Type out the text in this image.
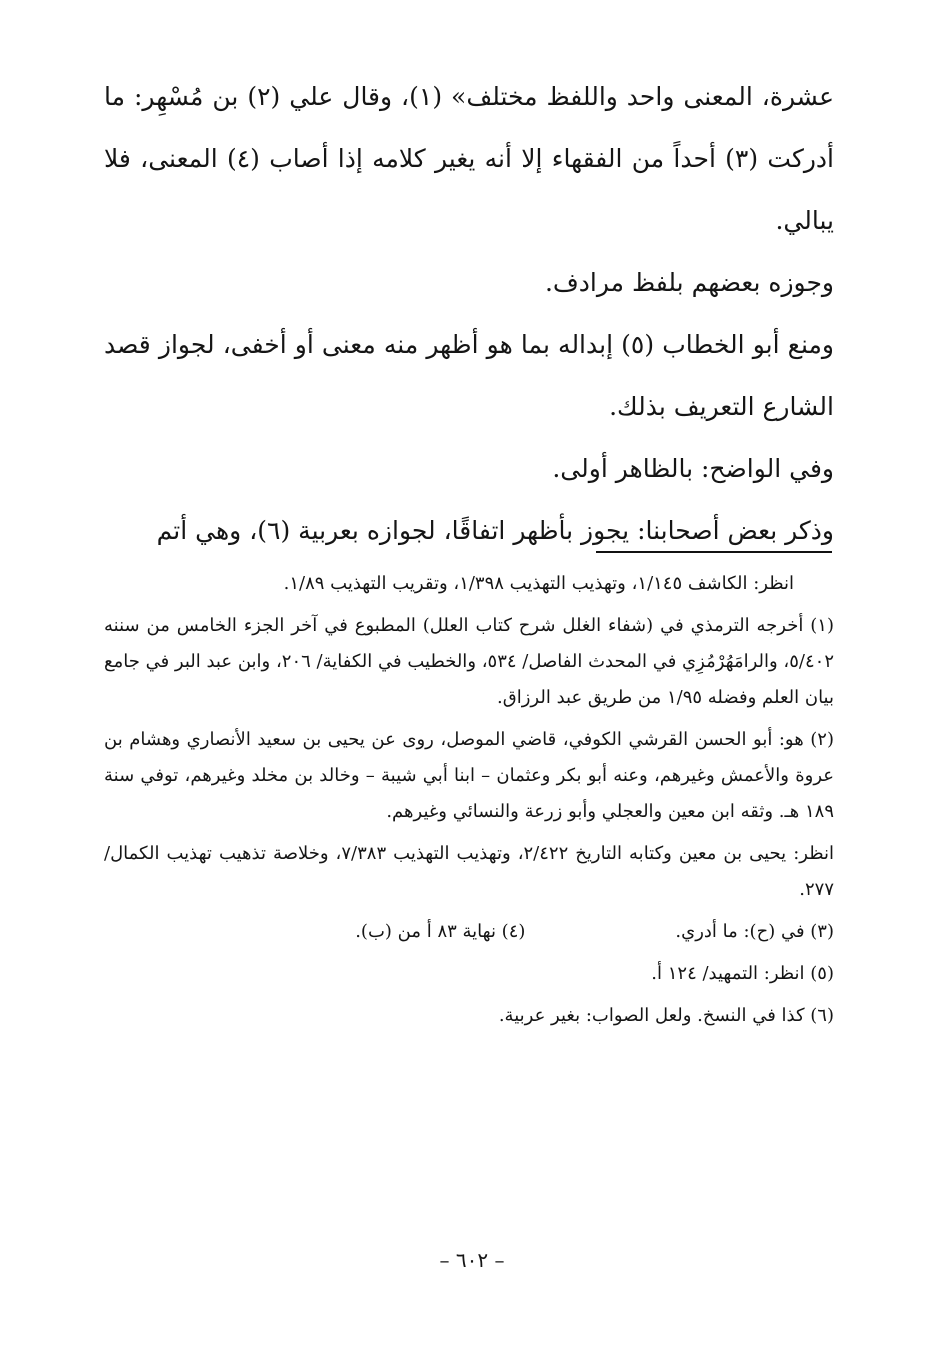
عشرة، المعنى واحد واللفظ مختلف» (١)، وقال علي (٢) بن مُسْهِر: ما أدركت (٣) أحداً من الفقهاء إلا أنه يغير كلامه إذا أصاب (٤) المعنى، فلا يبالي.

وجوزه بعضهم بلفظ مرادف.

ومنع أبو الخطاب (٥) إبداله بما هو أظهر منه معنى أو أخفى، لجواز قصد الشارع التعريف بذلك.

وفي الواضح: بالظاهر أولى.

وذكر بعض أصحابنا: يجوز بأظهر اتفاقًا، لجوازه بعربية (٦)، وهي أتم

انظر: الكاشف ١/١٤٥، وتهذيب التهذيب ١/٣٩٨، وتقريب التهذيب ١/٨٩.

(١) أخرجه الترمذي في (شفاء الغلل شرح كتاب العلل) المطبوع في آخر الجزء الخامس من سننه ٥/٤٠٢، والرامَهُرْمُزِي في المحدث الفاصل/ ٥٣٤، والخطيب في الكفاية/ ٢٠٦، وابن عبد البر في جامع بيان العلم وفضله ١/٩٥ من طريق عبد الرزاق.

(٢) هو: أبو الحسن القرشي الكوفي، قاضي الموصل، روى عن يحيى بن سعيد الأنصاري وهشام بن عروة والأعمش وغيرهم، وعنه أبو بكر وعثمان – ابنا أبي شيبة – وخالد بن مخلد وغيرهم، توفي سنة ١٨٩ هـ. وثقه ابن معين والعجلي وأبو زرعة والنسائي وغيرهم.

انظر: يحيى بن معين وكتابه التاريخ ٢/٤٢٢، وتهذيب التهذيب ٧/٣٨٣، وخلاصة تذهيب تهذيب الكمال/ ٢٧٧.

(٣) في (ح): ما أدري.
(٤) نهاية ٨٣ أ من (ب).

(٥) انظر: التمهيد/ ١٢٤ أ.

(٦) كذا في النسخ. ولعل الصواب: بغير عربية.

– ٦٠٢ –
